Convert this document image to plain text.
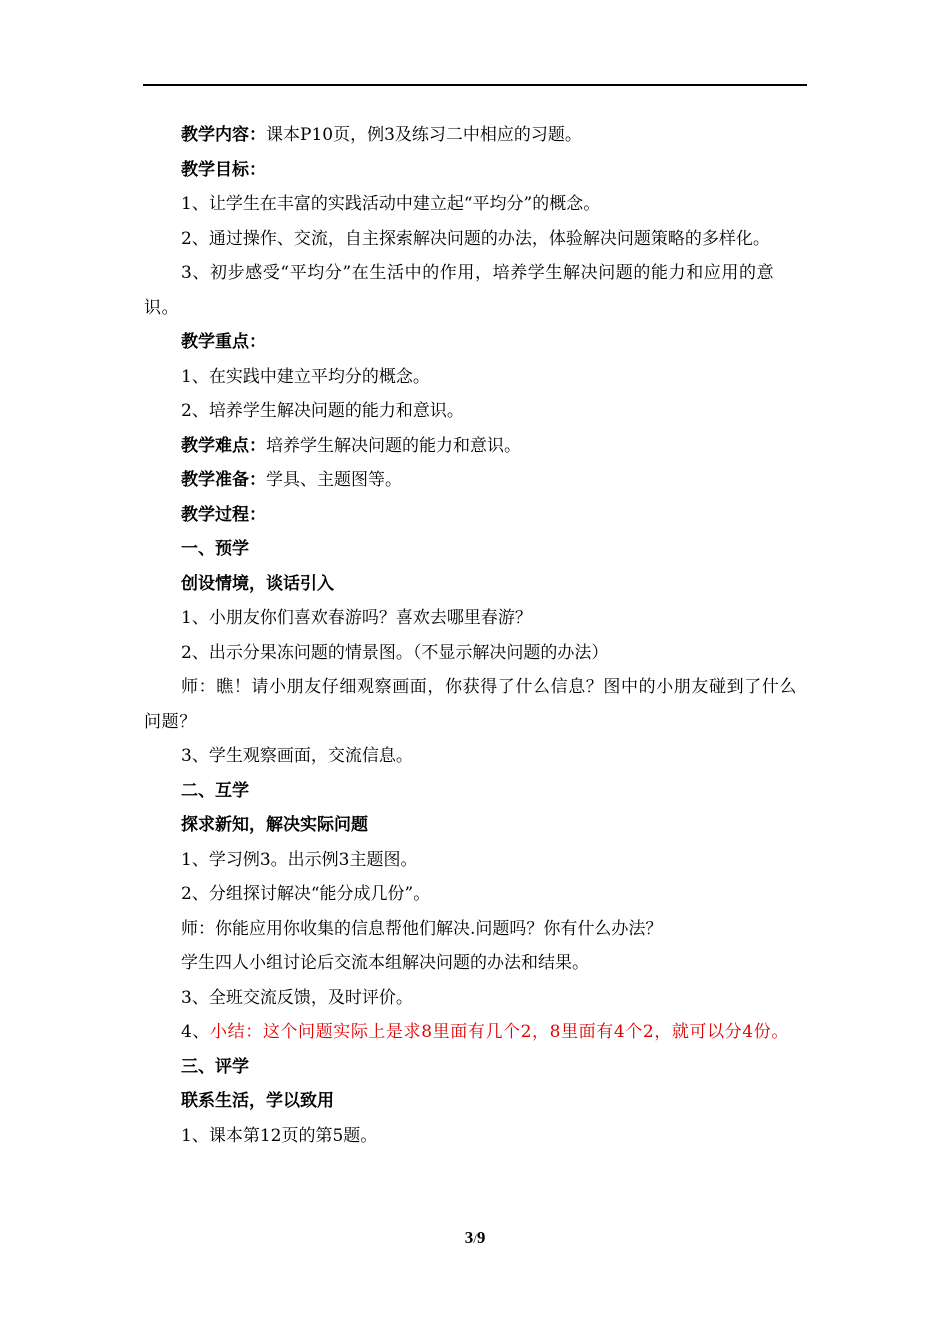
教学内容：课本P10页，例3及练习二中相应的习题。

教学目标：

1、让学生在丰富的实践活动中建立起“平均分”的概念。

2、通过操作、交流，自主探索解决问题的办法，体验解决问题策略的多样化。

3、初步感受“平均分”在生活中的作用，培养学生解决问题的能力和应用的意识。

教学重点：

1、在实践中建立平均分的概念。

2、培养学生解决问题的能力和意识。

教学难点：培养学生解决问题的能力和意识。

教学准备：学具、主题图等。

教学过程：

一、预学

创设情境，谈话引入

1、小朋友你们喜欢春游吗？喜欢去哪里春游？

2、出示分果冻问题的情景图。（不显示解决问题的办法）

师：瞧！请小朋友仔细观察画面，你获得了什么信息？图中的小朋友碰到了什么问题？

3、学生观察画面，交流信息。

二、互学

探求新知，解决实际问题

1、学习例3。出示例3主题图。

2、分组探讨解决“能分成几份”。

师：你能应用你收集的信息帮他们解决.问题吗？你有什么办法？

学生四人小组讨论后交流本组解决问题的办法和结果。

3、全班交流反馈，及时评价。

4、小结：这个问题实际上是求8里面有几个2，8里面有4个2，就可以分4份。

三、评学

联系生活，学以致用

1、课本第12页的第5题。

3/9
